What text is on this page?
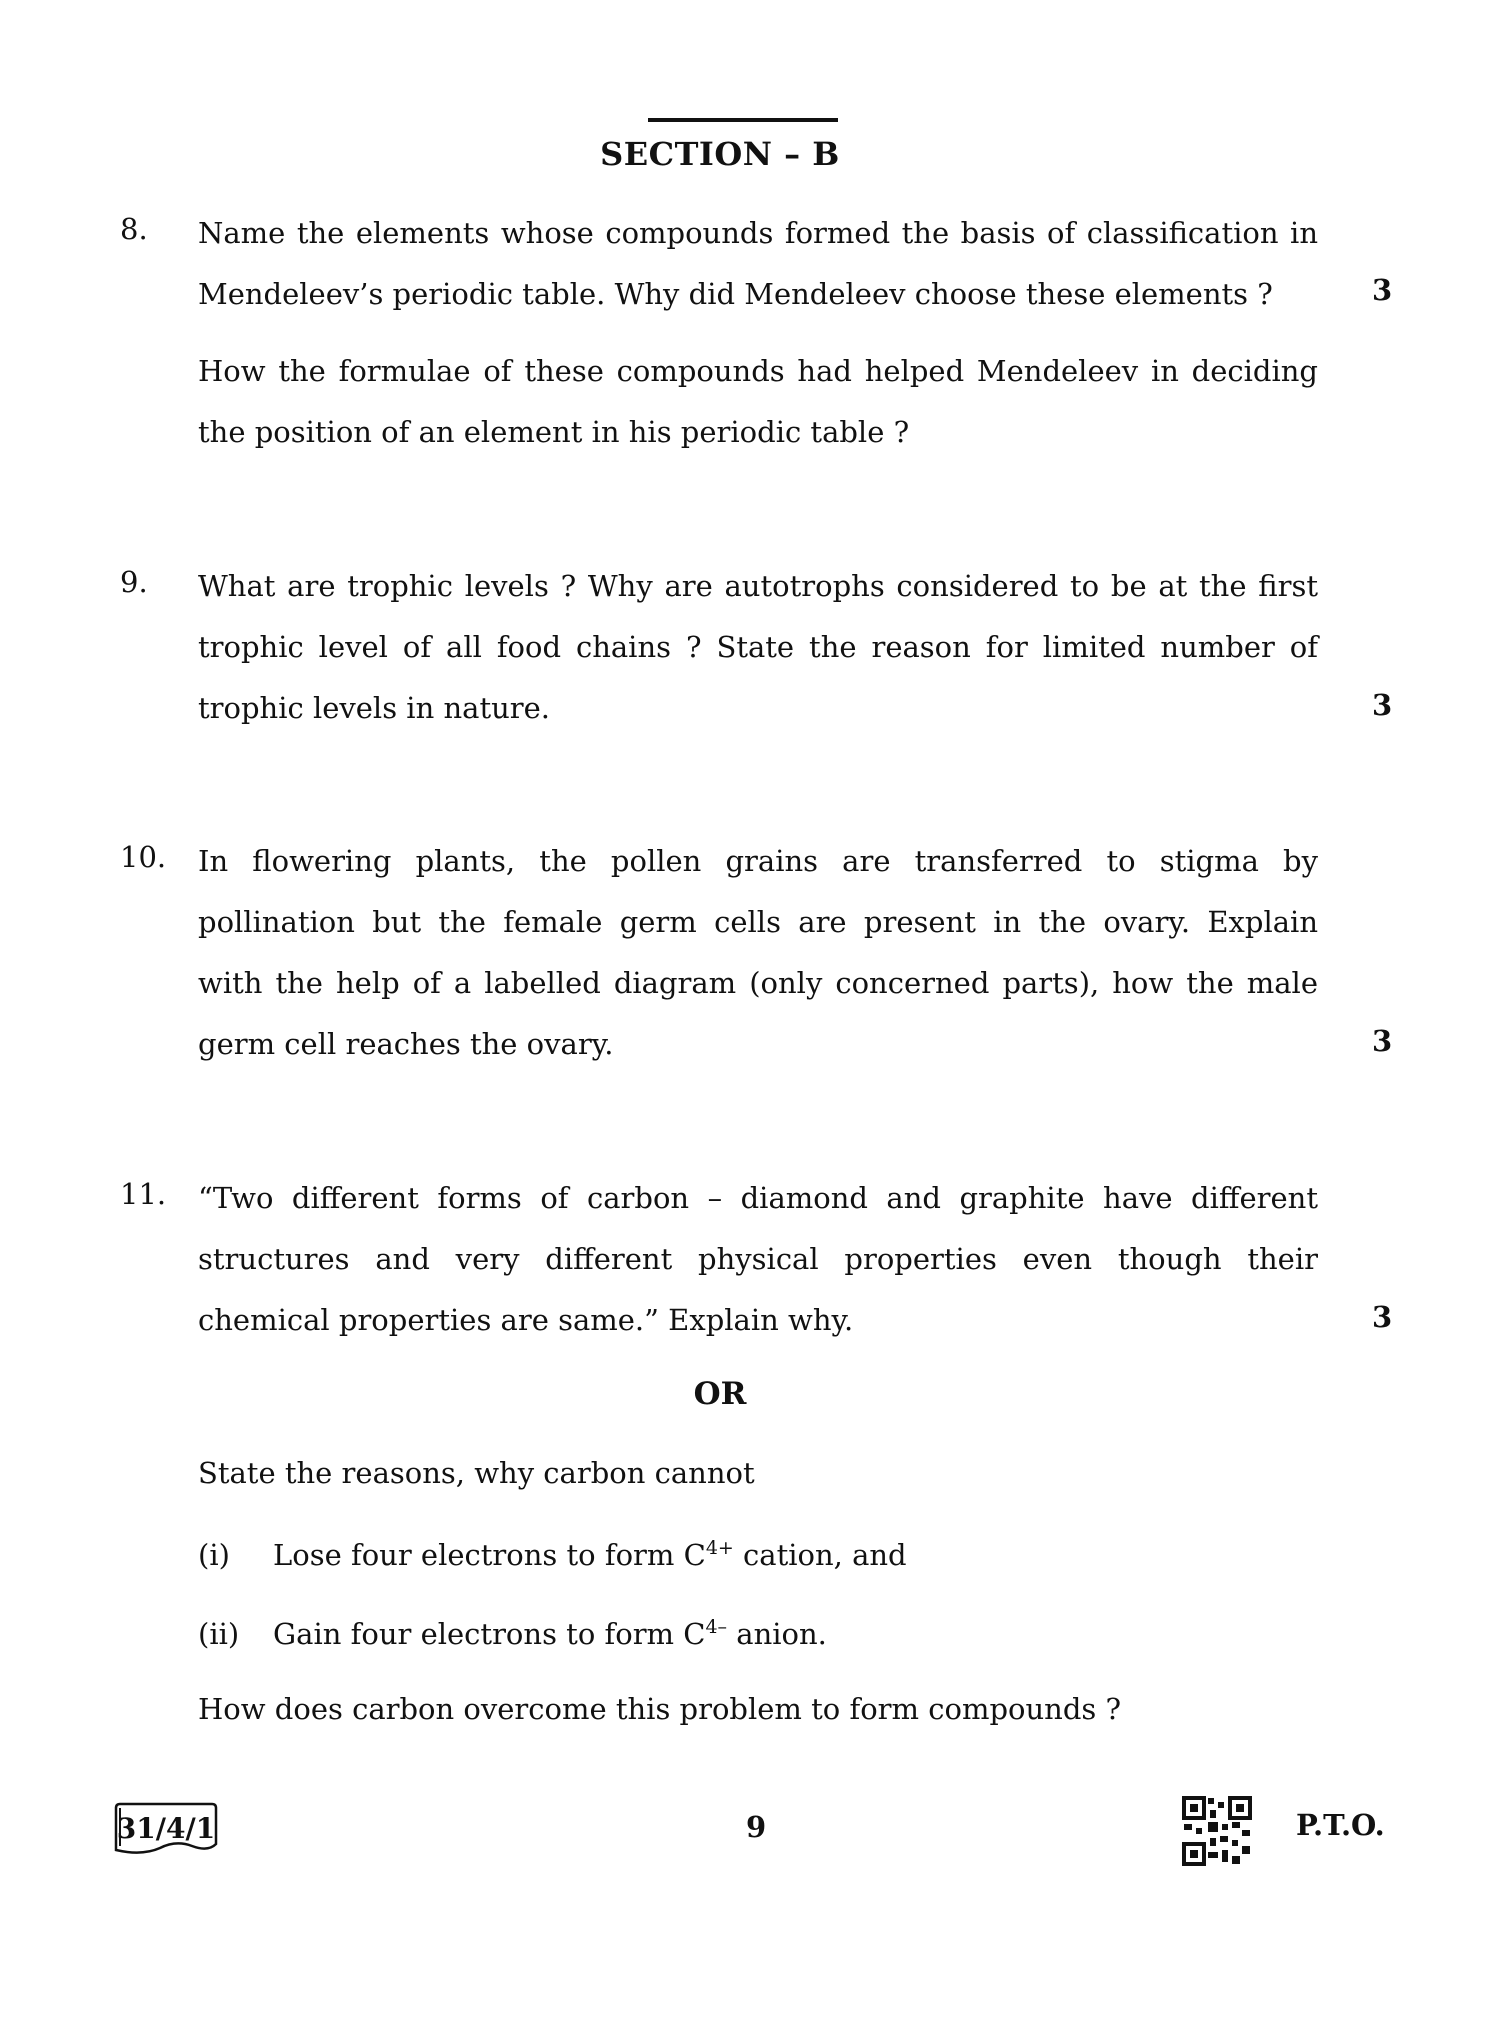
SECTION – B
8. Name the elements whose compounds formed the basis of classification in
Mendeleev’s periodic table. Why did Mendeleev choose these elements ?	3
How the formulae of these compounds had helped Mendeleev in deciding
the position of an element in his periodic table ?
9. What are trophic levels ? Why are autotrophs considered to be at the first
trophic level of all food chains ? State the reason for limited number of
trophic levels in nature.	3
10. In flowering plants, the pollen grains are transferred to stigma by
pollination but the female germ cells are present in the ovary. Explain
with the help of a labelled diagram (only concerned parts), how the male
germ cell reaches the ovary.	3
11. “Two different forms of carbon – diamond and graphite have different
structures and very different physical properties even though their
chemical properties are same.” Explain why.	3
OR
State the reasons, why carbon cannot
(i) Lose four electrons to form $C^{4+}$ cation, and
(ii) Gain four electrons to form $C^{4-}$ anion.
How does carbon overcome this problem to form compounds ?
31/4/1	9	P.T.O.
